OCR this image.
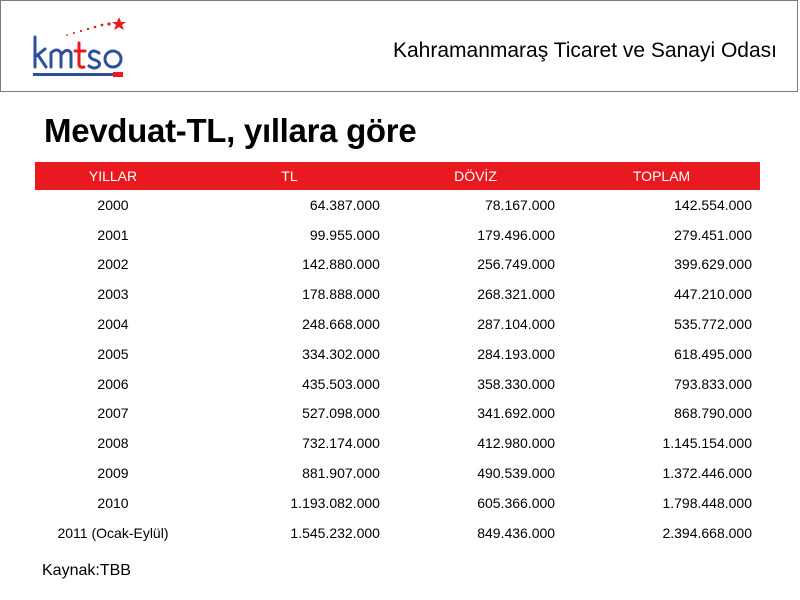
Kahramanmaraş Ticaret ve Sanayi Odası
Mevduat-TL, yıllara göre
YILLAR	TL	DÖVİZ	TOPLAM
2000	64.387.000	78.167.000	142.554.000
2001	99.955.000	179.496.000	279.451.000
2002	142.880.000	256.749.000	399.629.000
2003	178.888.000	268.321.000	447.210.000
2004	248.668.000	287.104.000	535.772.000
2005	334.302.000	284.193.000	618.495.000
2006	435.503.000	358.330.000	793.833.000
2007	527.098.000	341.692.000	868.790.000
2008	732.174.000	412.980.000	1.145.154.000
2009	881.907.000	490.539.000	1.372.446.000
2010	1.193.082.000	605.366.000	1.798.448.000
2011 (Ocak-Eylül)	1.545.232.000	849.436.000	2.394.668.000
Kaynak:TBB
